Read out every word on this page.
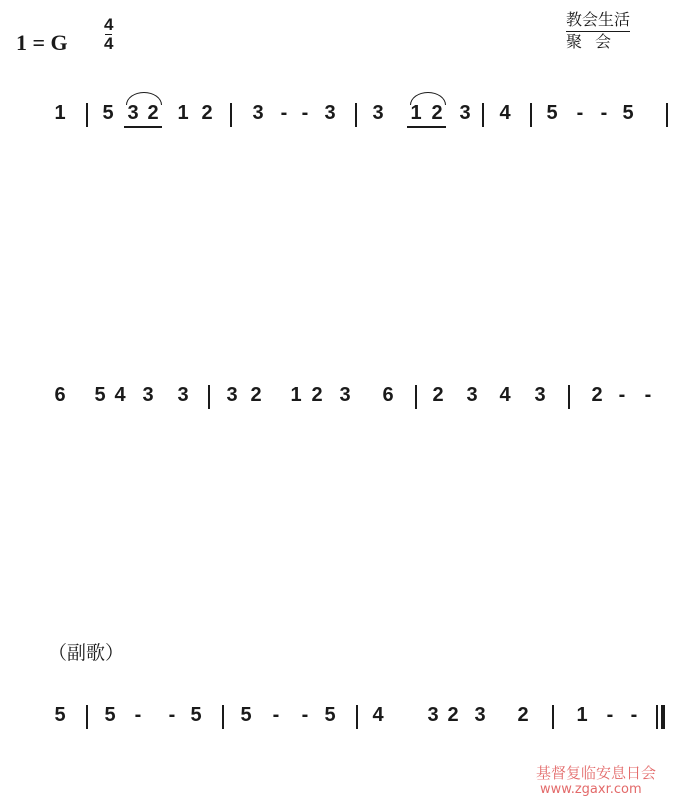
1 = G
4
4
教会生活
聚会
1 5 3 2 1 2 3 - - 3 3 1 2 3 4 5 - - 5
6 5 4 3 3 3 2 1 2 3 6 2 3 4 3 2 - -
（副歌）
5 5 - - 5 5 - - 5 4 3 2 3 2 1 - -
基督复临安息日会
www.zgaxr.com
